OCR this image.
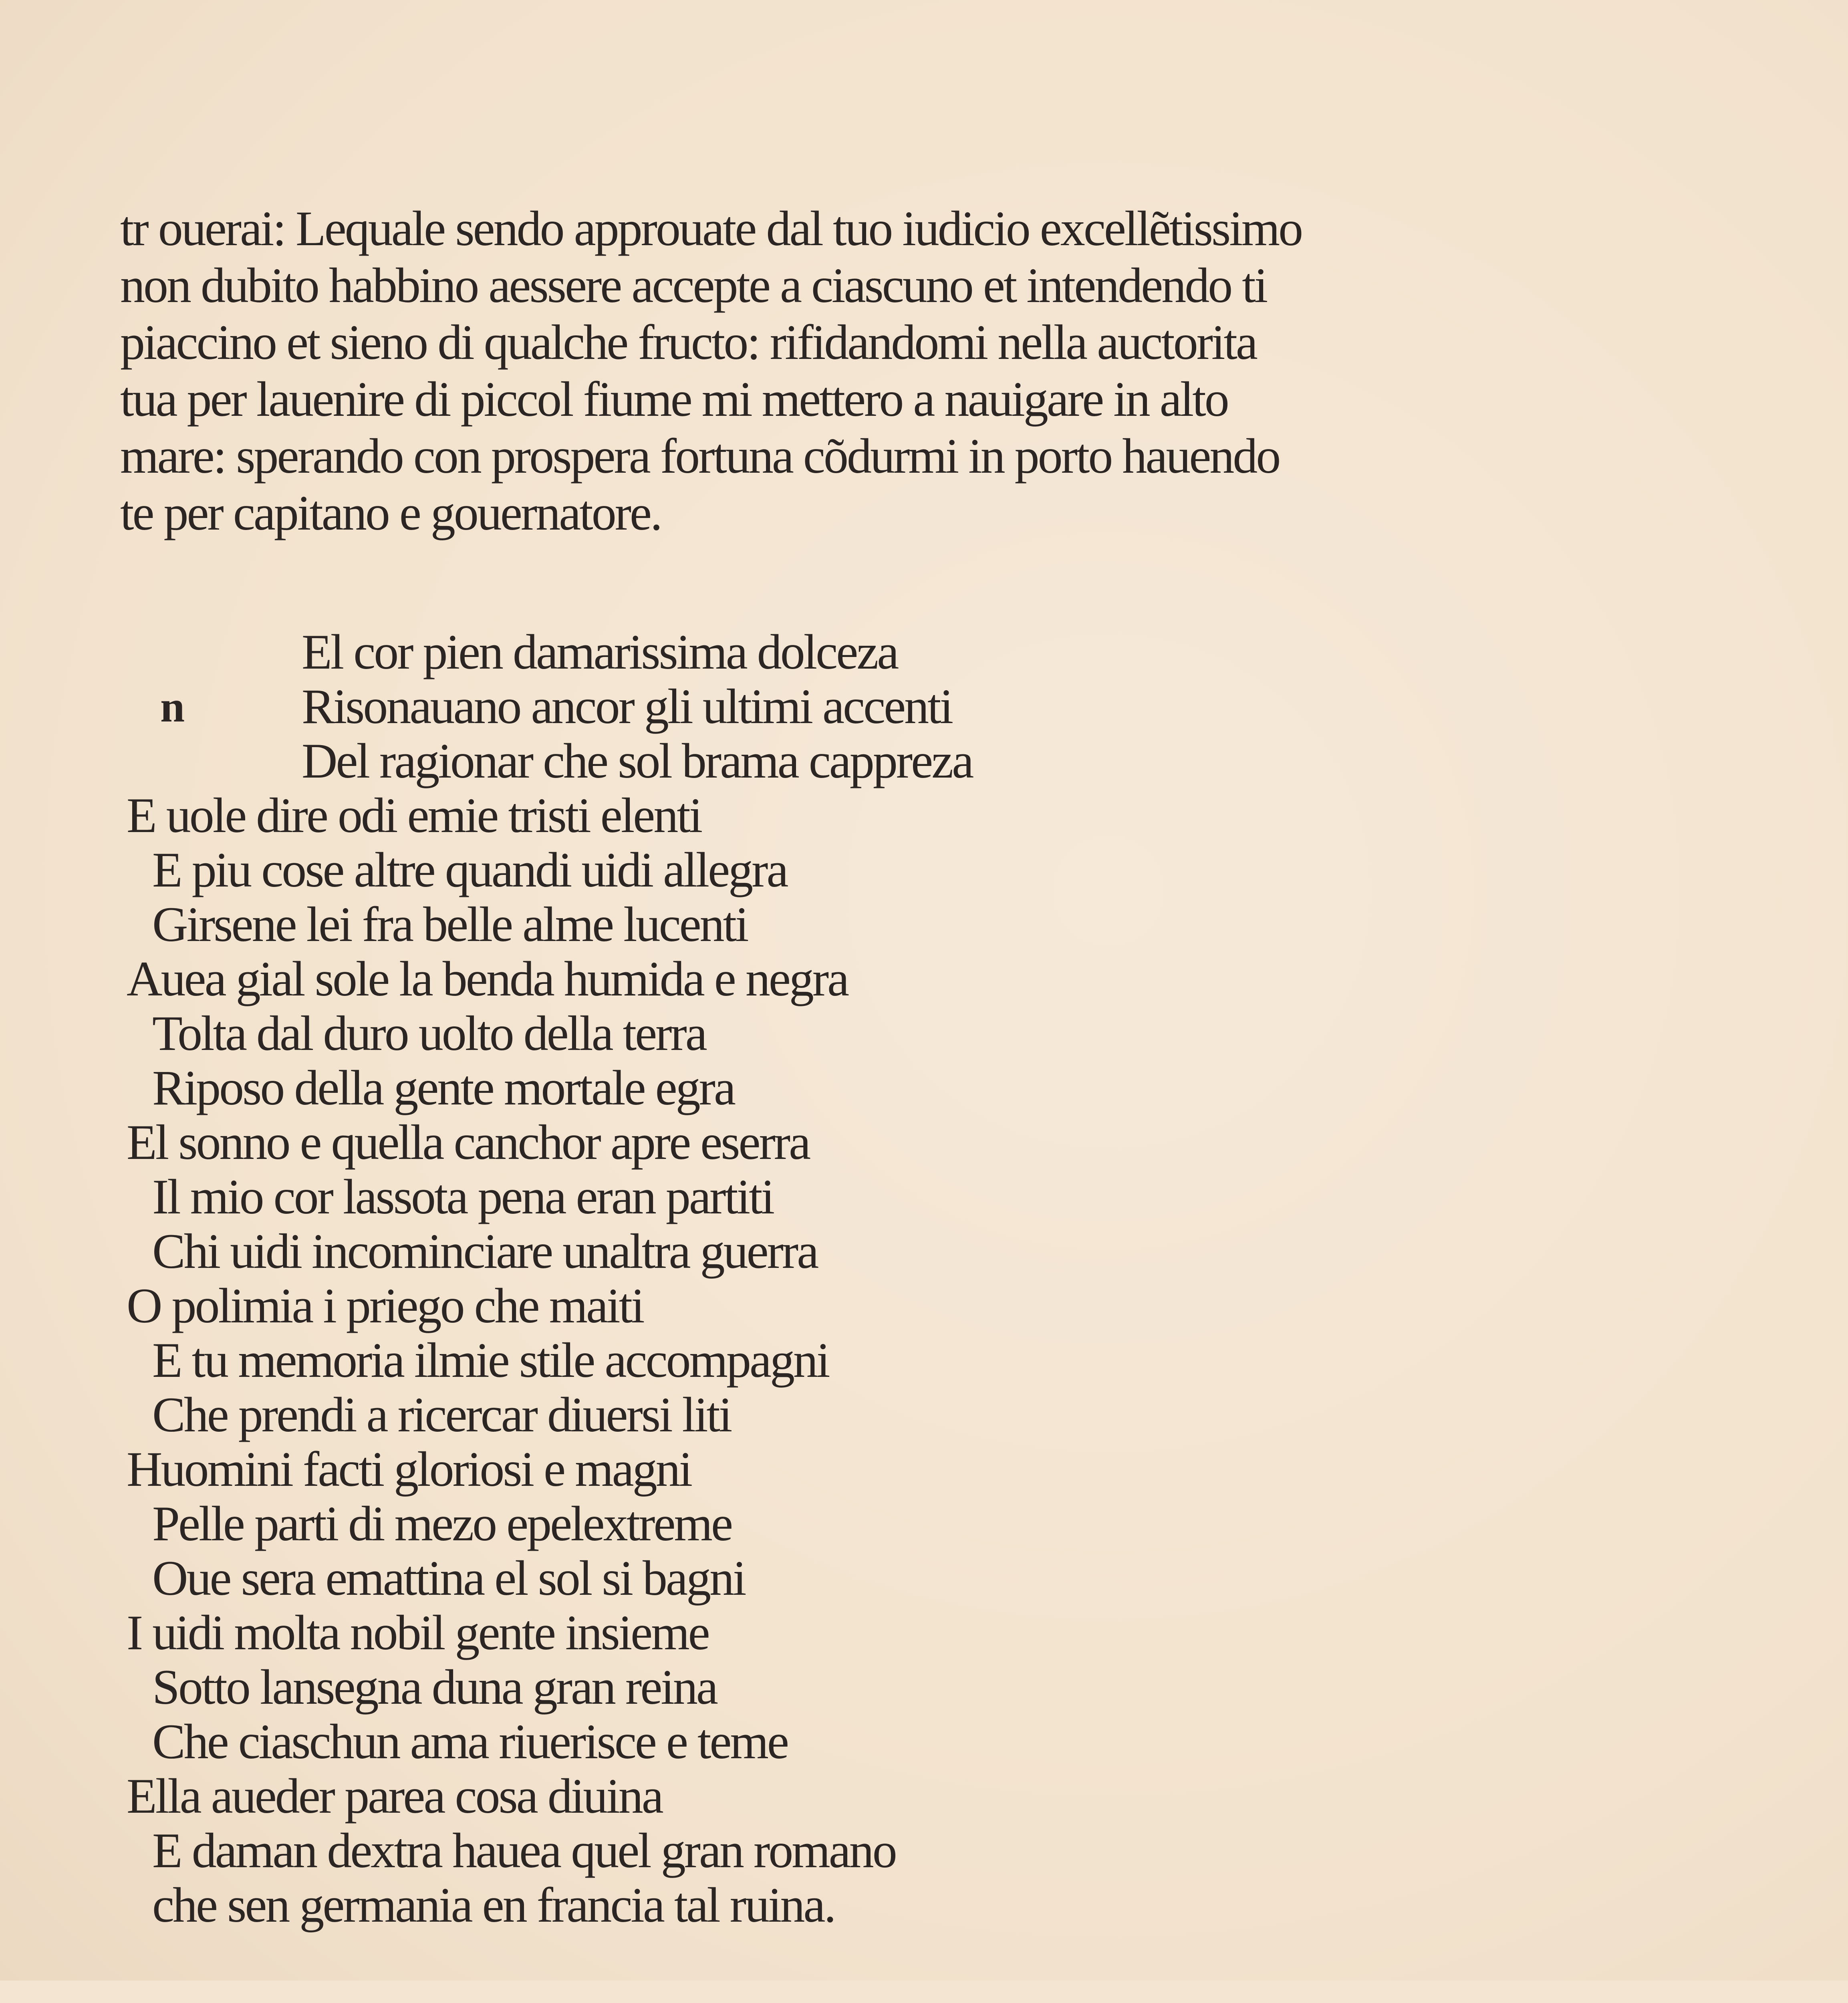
tr ouerai: Lequale sendo approuate dal tuo iudicio excellẽtissimo
non dubito habbino aessere accepte a ciascuno et intendendo ti
piaccino et sieno di qualche fructo: rifidandomi nella auctorita
tua per lauenire di piccol fiume mi mettero a nauigare in alto
mare: sperando con prospera fortuna cõdurmi in porto hauendo
te per capitano e gouernatore.
n
El cor pien damarissima dolceza
Risonauano ancor gli ultimi accenti
Del ragionar che sol brama cappreza
E uole dire odi emie tristi elenti
E piu cose altre quandi uidi allegra
Girsene lei fra belle alme lucenti
Auea gial sole la benda humida e negra
Tolta dal duro uolto della terra
Riposo della gente mortale egra
El sonno e quella canchor apre eserra
Il mio cor lassota pena eran partiti
Chi uidi incominciare unaltra guerra
O polimia i priego che maiti
E tu memoria ilmie stile accompagni
Che prendi a ricercar diuersi liti
Huomini facti gloriosi e magni
Pelle parti di mezo epelextreme
Oue sera emattina el sol si bagni
I uidi molta nobil gente insieme
Sotto lansegna duna gran reina
Che ciaschun ama riuerisce e teme
Ella aueder parea cosa diuina
E daman dextra hauea quel gran romano
che sen germania en francia tal ruina.
